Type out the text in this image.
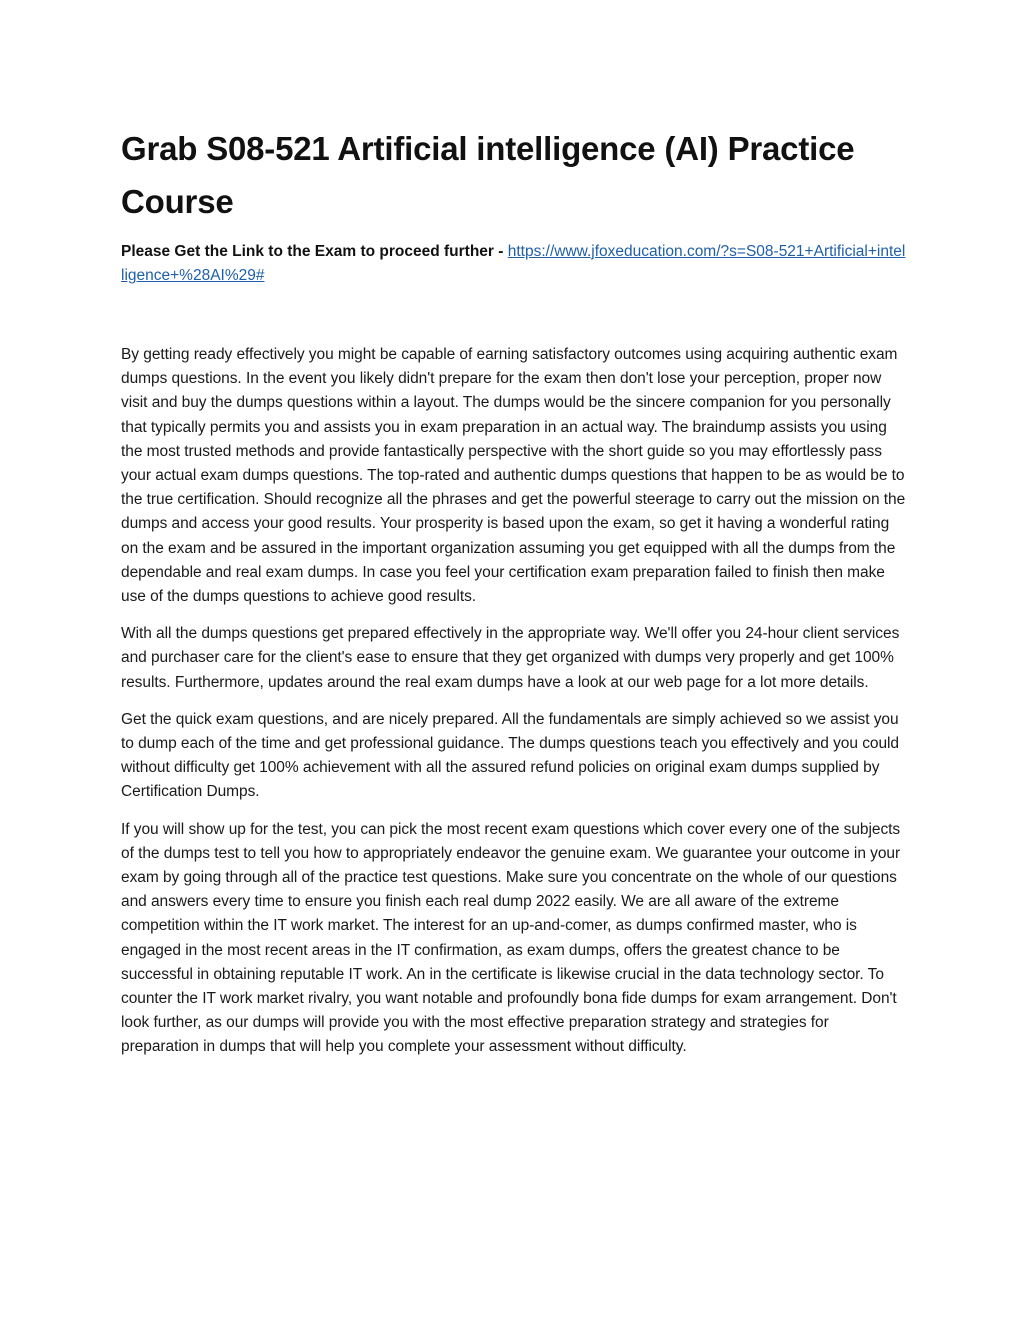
Grab S08-521 Artificial intelligence (AI) Practice Course

Please Get the Link to the Exam to proceed further - https://www.jfoxeducation.com/?s=S08-521+Artificial+intelligence+%28AI%29#

By getting ready effectively you might be capable of earning satisfactory outcomes using acquiring authentic exam dumps questions. In the event you likely didn't prepare for the exam then don't lose your perception, proper now visit and buy the dumps questions within a layout. The dumps would be the sincere companion for you personally that typically permits you and assists you in exam preparation in an actual way. The braindump assists you using the most trusted methods and provide fantastically perspective with the short guide so you may effortlessly pass your actual exam dumps questions. The top-rated and authentic dumps questions that happen to be as would be to the true certification. Should recognize all the phrases and get the powerful steerage to carry out the mission on the dumps and access your good results. Your prosperity is based upon the exam, so get it having a wonderful rating on the exam and be assured in the important organization assuming you get equipped with all the dumps from the dependable and real exam dumps. In case you feel your certification exam preparation failed to finish then make use of the dumps questions to achieve good results.

With all the dumps questions get prepared effectively in the appropriate way. We'll offer you 24-hour client services and purchaser care for the client's ease to ensure that they get organized with dumps very properly and get 100% results. Furthermore, updates around the real exam dumps have a look at our web page for a lot more details.

Get the quick exam questions, and are nicely prepared. All the fundamentals are simply achieved so we assist you to dump each of the time and get professional guidance. The dumps questions teach you effectively and you could without difficulty get 100% achievement with all the assured refund policies on original exam dumps supplied by Certification Dumps.

If you will show up for the test, you can pick the most recent exam questions which cover every one of the subjects of the dumps test to tell you how to appropriately endeavor the genuine exam. We guarantee your outcome in your exam by going through all of the practice test questions. Make sure you concentrate on the whole of our questions and answers every time to ensure you finish each real dump 2022 easily. We are all aware of the extreme competition within the IT work market. The interest for an up-and-comer, as dumps confirmed master, who is engaged in the most recent areas in the IT confirmation, as exam dumps, offers the greatest chance to be successful in obtaining reputable IT work. An in the certificate is likewise crucial in the data technology sector. To counter the IT work market rivalry, you want notable and profoundly bona fide dumps for exam arrangement. Don't look further, as our dumps will provide you with the most effective preparation strategy and strategies for preparation in dumps that will help you complete your assessment without difficulty.
